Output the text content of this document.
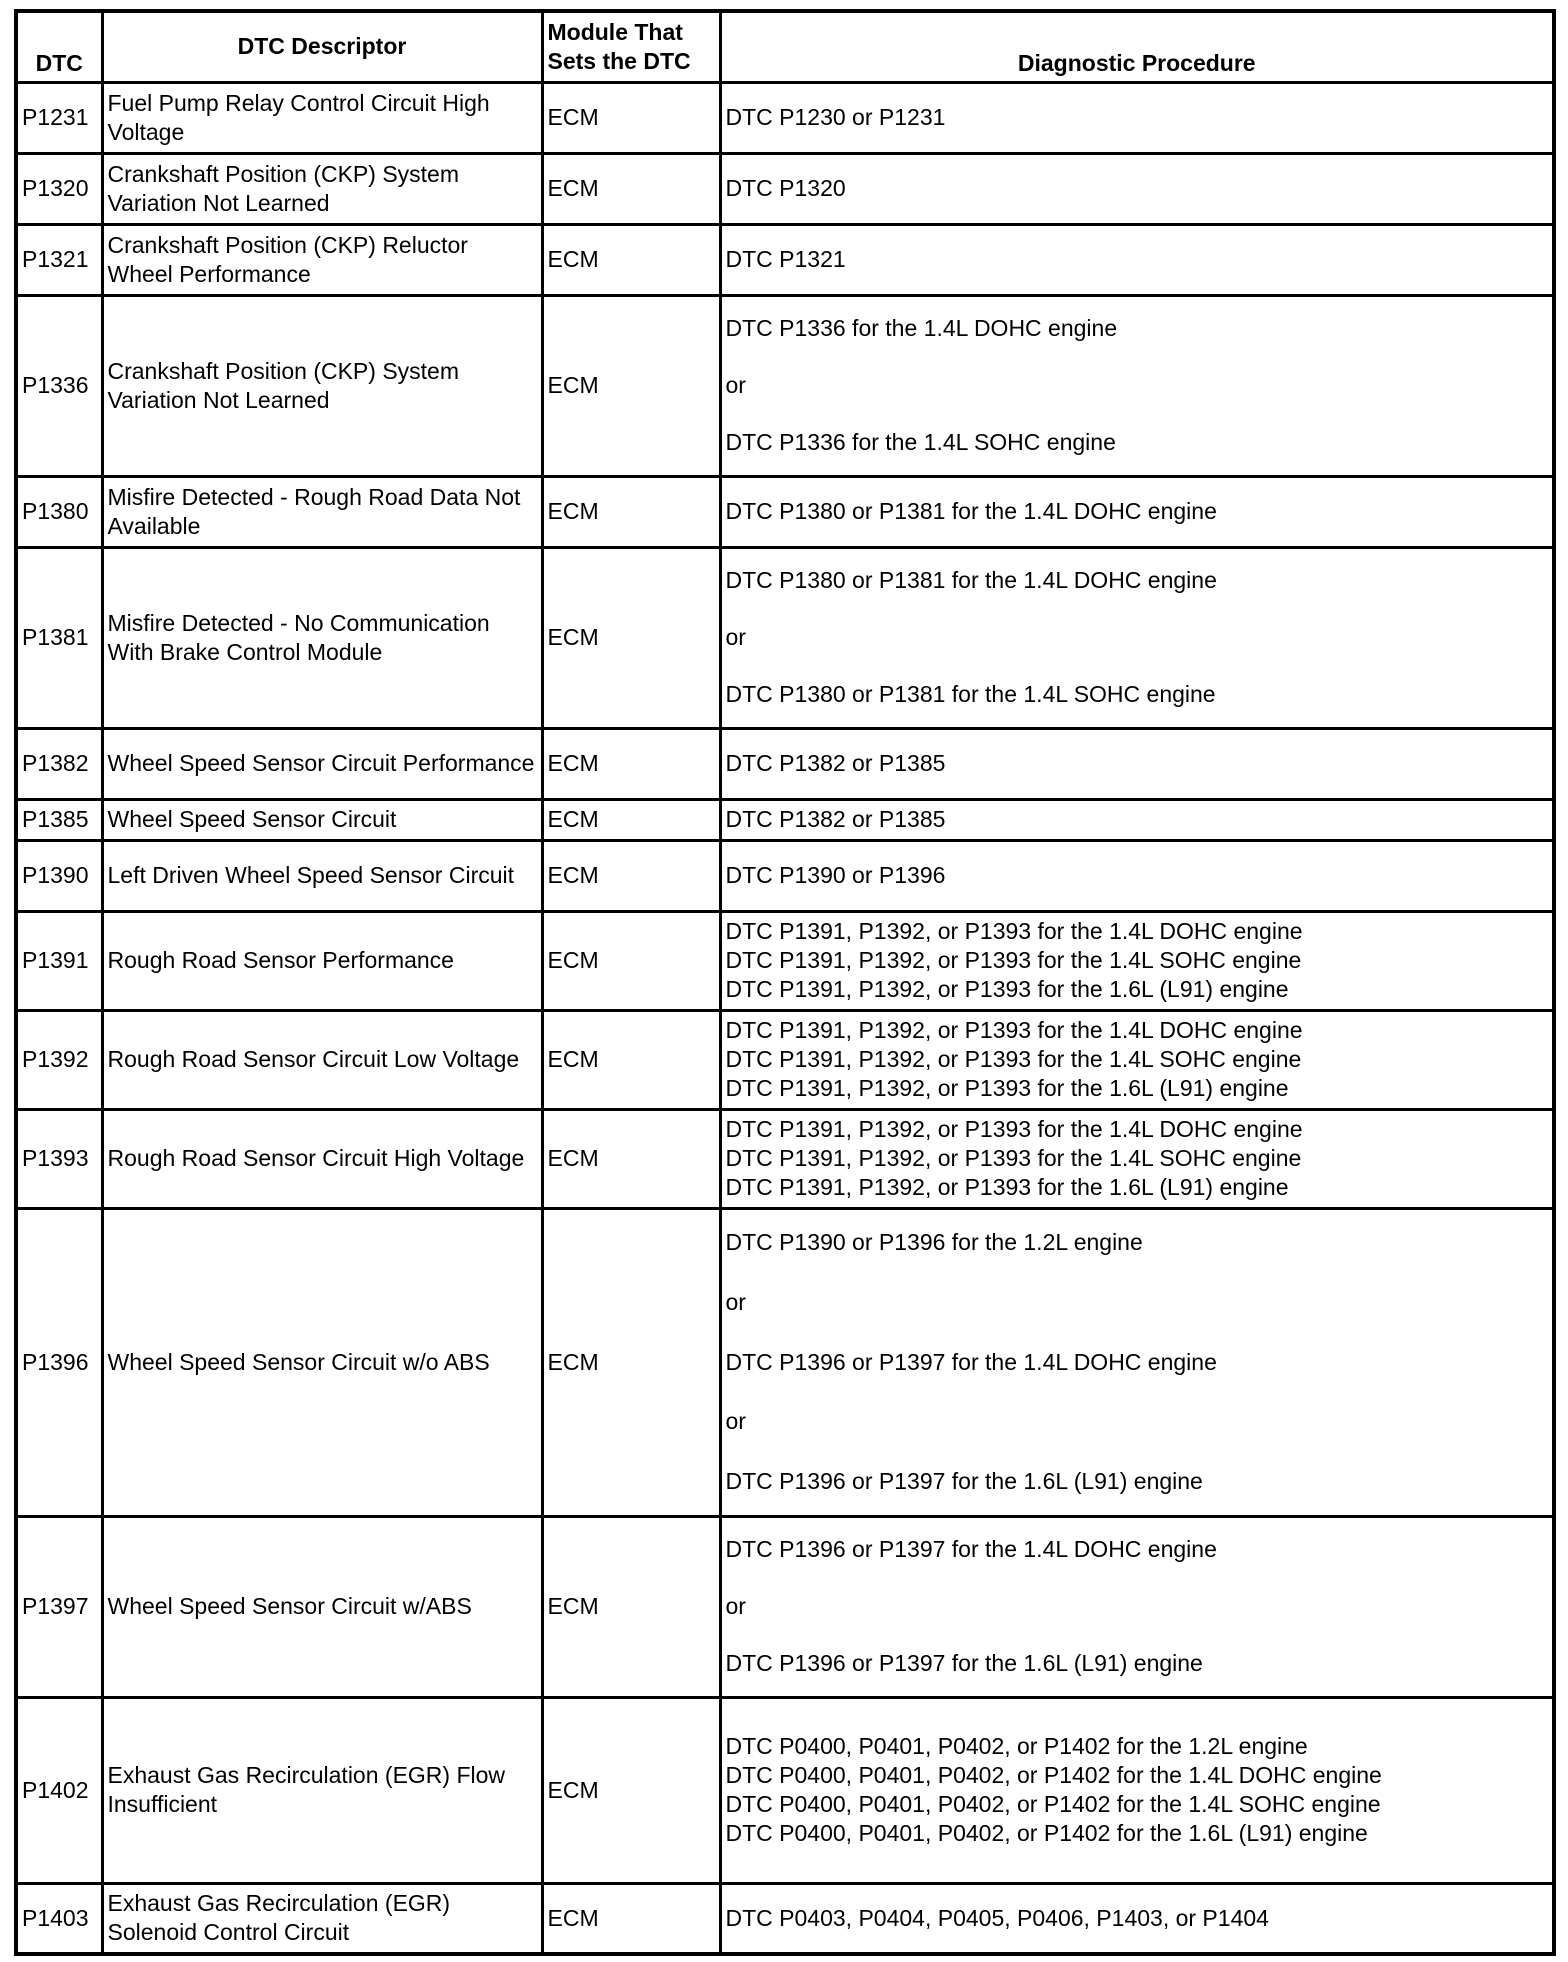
DTC	DTC Descriptor	Module That Sets the DTC	Diagnostic Procedure
P1231	Fuel Pump Relay Control Circuit High Voltage	ECM	DTC P1230 or P1231

P1320	Crankshaft Position (CKP) System Variation Not Learned	ECM	DTC P1320

P1321	Crankshaft Position (CKP) Reluctor Wheel Performance	ECM	DTC P1321

P1336	Crankshaft Position (CKP) System Variation Not Learned	ECM	DTC P1336 for the 1.4L DOHC engine
or
DTC P1336 for the 1.4L SOHC engine

P1380	Misfire Detected - Rough Road Data Not Available	ECM	DTC P1380 or P1381 for the 1.4L DOHC engine

P1381	Misfire Detected - No Communication With Brake Control Module	ECM	DTC P1380 or P1381 for the 1.4L DOHC engine
or
DTC P1380 or P1381 for the 1.4L SOHC engine

P1382	Wheel Speed Sensor Circuit Performance	ECM	DTC P1382 or P1385

P1385	Wheel Speed Sensor Circuit	ECM	DTC P1382 or P1385

P1390	Left Driven Wheel Speed Sensor Circuit	ECM	DTC P1390 or P1396

P1391	Rough Road Sensor Performance	ECM	DTC P1391, P1392, or P1393 for the 1.4L DOHC engine
DTC P1391, P1392, or P1393 for the 1.4L SOHC engine
DTC P1391, P1392, or P1393 for the 1.6L (L91) engine

P1392	Rough Road Sensor Circuit Low Voltage	ECM	DTC P1391, P1392, or P1393 for the 1.4L DOHC engine
DTC P1391, P1392, or P1393 for the 1.4L SOHC engine
DTC P1391, P1392, or P1393 for the 1.6L (L91) engine

P1393	Rough Road Sensor Circuit High Voltage	ECM	DTC P1391, P1392, or P1393 for the 1.4L DOHC engine
DTC P1391, P1392, or P1393 for the 1.4L SOHC engine
DTC P1391, P1392, or P1393 for the 1.6L (L91) engine

P1396	Wheel Speed Sensor Circuit w/o ABS	ECM	DTC P1390 or P1396 for the 1.2L engine
or
DTC P1396 or P1397 for the 1.4L DOHC engine
or
DTC P1396 or P1397 for the 1.6L (L91) engine

P1397	Wheel Speed Sensor Circuit w/ABS	ECM	DTC P1396 or P1397 for the 1.4L DOHC engine
or
DTC P1396 or P1397 for the 1.6L (L91) engine

P1402	Exhaust Gas Recirculation (EGR) Flow Insufficient	ECM	DTC P0400, P0401, P0402, or P1402 for the 1.2L engine
DTC P0400, P0401, P0402, or P1402 for the 1.4L DOHC engine
DTC P0400, P0401, P0402, or P1402 for the 1.4L SOHC engine
DTC P0400, P0401, P0402, or P1402 for the 1.6L (L91) engine

P1403	Exhaust Gas Recirculation (EGR) Solenoid Control Circuit	ECM	DTC P0403, P0404, P0405, P0406, P1403, or P1404
